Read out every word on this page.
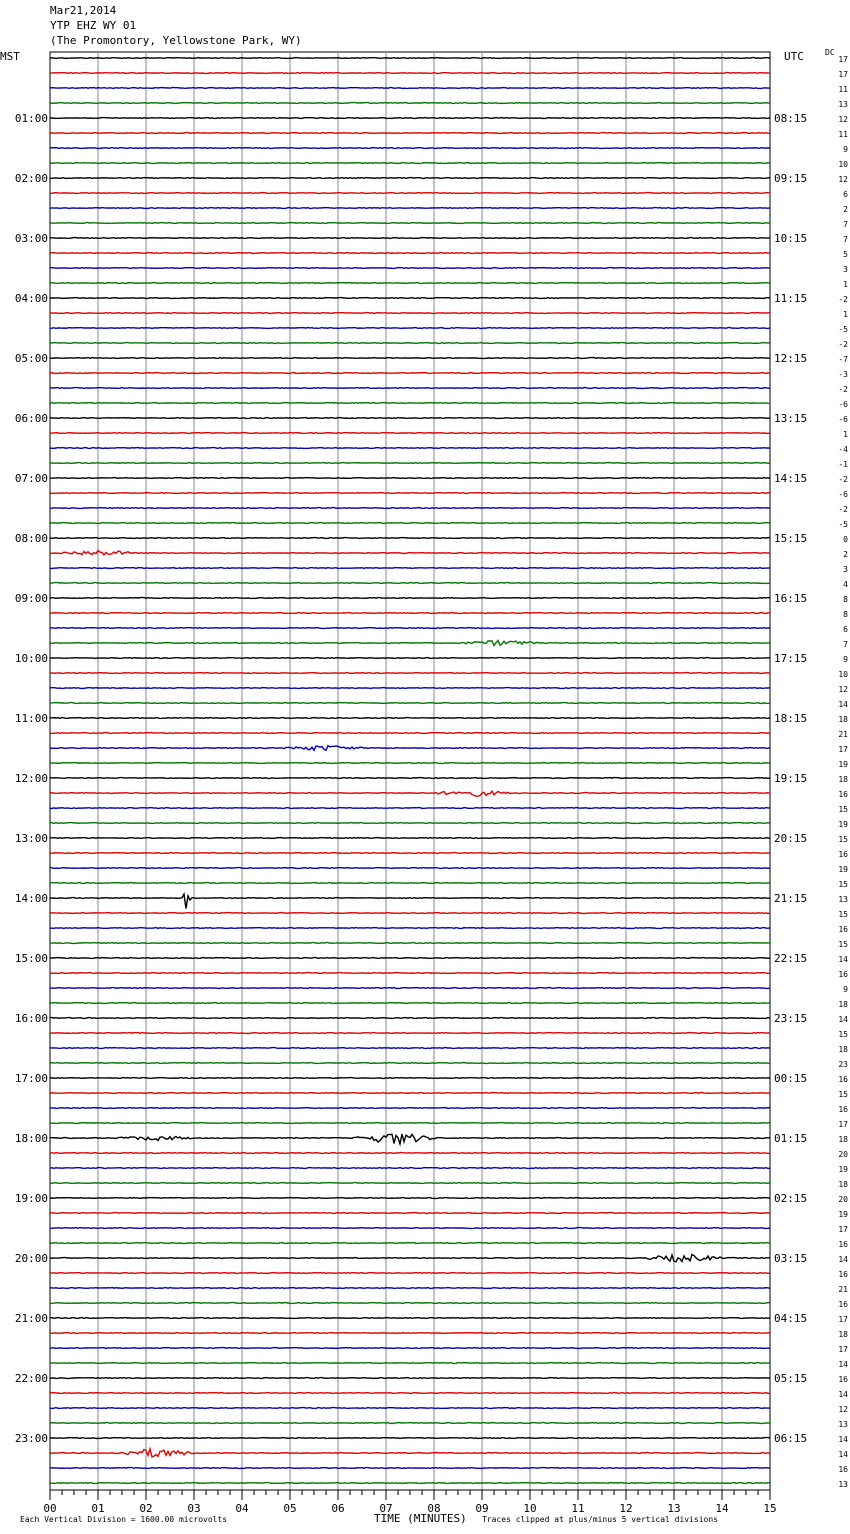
Mar21,2014
YTP EHZ WY 01
(The Promontory, Yellowstone Park, WY)
MST	UTC	DC
17
17
11
13
12
11
9
10
12
6
2
7
7
5
3
1
-2
1
-5
-2
-7
-3
-2
-6
-6
1
-4
-1
-2
-6
-2
-5
0
2
3
4
8
8
6
7
9
10
12
14
18
21
17
19
18
16
15
19
15
16
19
15
13
15
16
15
14
16
9
18
14
15
18
23
16
15
16
17
18
20
19
18
20
19
17
16
14
16
21
16
17
18
17
14
16
14
12
13
14
14
16
13
01:00
02:00
03:00
04:00
05:00
06:00
07:00
08:00
09:00
10:00
11:00
12:00
13:00
14:00
15:00
16:00
17:00
18:00
19:00
20:00
21:00
22:00
23:00
08:15
09:15
10:15
11:15
12:15
13:15
14:15
15:15
16:15
17:15
18:15
19:15
20:15
21:15
22:15
23:15
00:15
01:15
02:15
03:15
04:15
05:15
06:15
00	01	02	03	04	05	06	07	08	09	10	11	12	13	14	15
Each Vertical Division = 1600.00 microvolts	TIME (MINUTES) Traces clipped at plus/minus 5 vertical divisions
